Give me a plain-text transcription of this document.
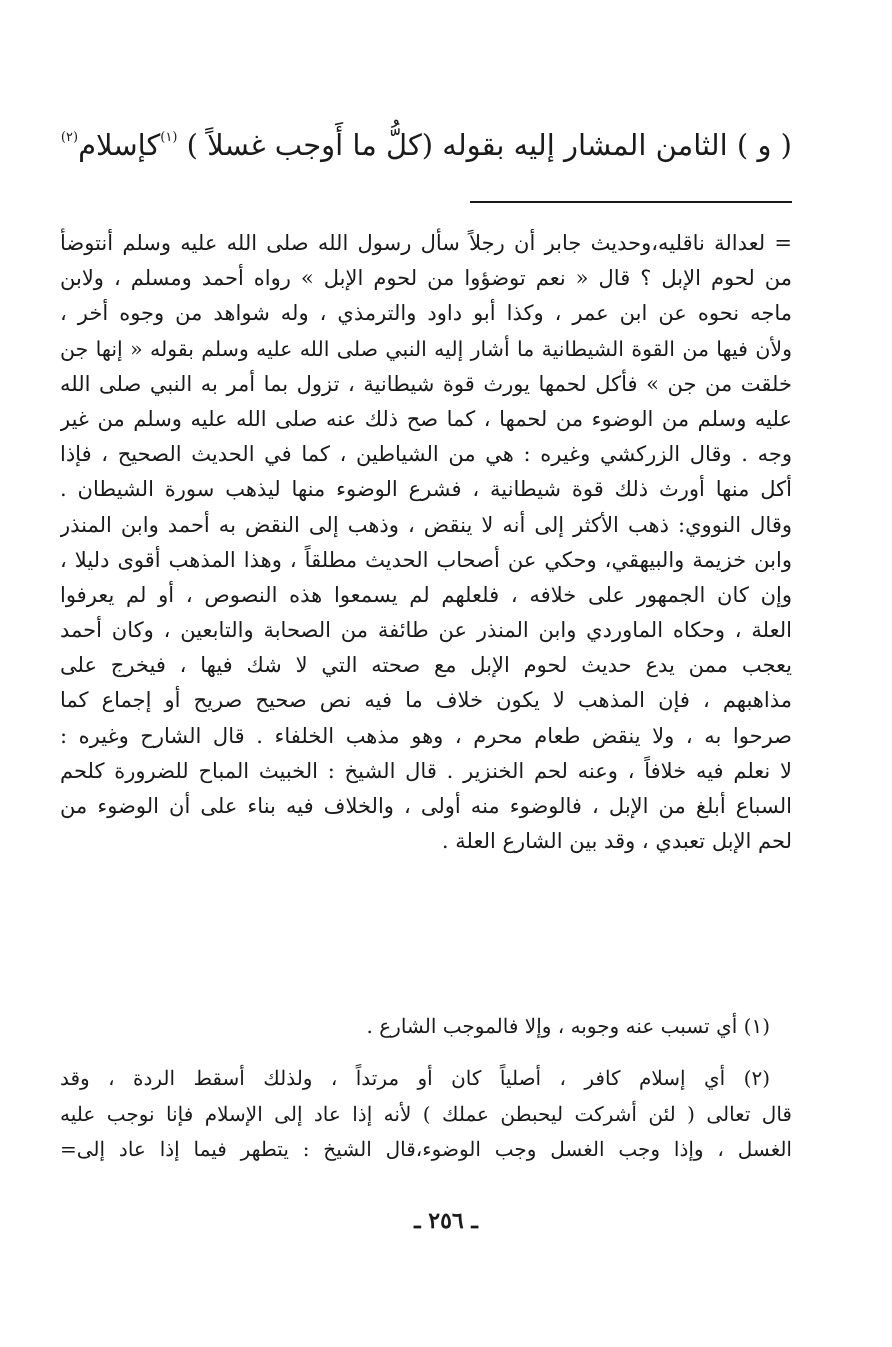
( و ) الثامن المشار إليه بقوله (كلُّ ما أَوجب غسلاً ) $^{(١)}$كإسلام$^{(٢)}$
= لعدالة ناقليه،وحديث جابر أن رجلاً سأل رسول الله صلى الله عليه وسلم أنتوضأ
من لحوم الإبل ؟ قال « نعم توضؤوا من لحوم الإبل » رواه أحمد ومسلم ، ولابن
ماجه نحوه عن ابن عمر ، وكذا أبو داود والترمذي ، وله شواهد من وجوه أخر ،
ولأن فيها من القوة الشيطانية ما أشار إليه النبي صلى الله عليه وسلم بقوله « إنها جن
خلقت من جن » فأكل لحمها يورث قوة شيطانية ، تزول بما أمر به النبي صلى الله
عليه وسلم من الوضوء من لحمها ، كما صح ذلك عنه صلى الله عليه وسلم من غير
وجه . وقال الزركشي وغيره : هي من الشياطين ، كما في الحديث الصحيح ، فإذا
أكل منها أورث ذلك قوة شيطانية ، فشرع الوضوء منها ليذهب سورة الشيطان .
وقال النووي: ذهب الأكثر إلى أنه لا ينقض ، وذهب إلى النقض به أحمد وابن المنذر
وابن خزيمة والبيهقي، وحكي عن أصحاب الحديث مطلقاً ، وهذا المذهب أقوى دليلا ،
وإن كان الجمهور على خلافه ، فلعلهم لم يسمعوا هذه النصوص ، أو لم يعرفوا
العلة ، وحكاه الماوردي وابن المنذر عن طائفة من الصحابة والتابعين ، وكان أحمد
يعجب ممن يدع حديث لحوم الإبل مع صحته التي لا شك فيها ، فيخرج على
مذاهبهم ، فإن المذهب لا يكون خلاف ما فيه نص صحيح صريح أو إجماع كما
صرحوا به ، ولا ينقض طعام محرم ، وهو مذهب الخلفاء . قال الشارح وغيره :
لا نعلم فيه خلافاً ، وعنه لحم الخنزير . قال الشيخ : الخبيث المباح للضرورة كلحم
السباع أبلغ من الإبل ، فالوضوء منه أولى ، والخلاف فيه بناء على أن الوضوء من
لحم الإبل تعبدي ، وقد بين الشارع العلة .
(١) أي تسبب عنه وجوبه ، وإلا فالموجب الشارع .
(٢) أي إسلام كافر ، أصلياً كان أو مرتداً ، ولذلك أسقط الردة ، وقد
قال تعالى ( لئن أشركت ليحبطن عملك ) لأنه إذا عاد إلى الإسلام فإنا نوجب عليه
الغسل ، وإذا وجب الغسل وجب الوضوء،قال الشيخ : يتطهر فيما إذا عاد إلى=
ـ ٢٥٦ ـ
